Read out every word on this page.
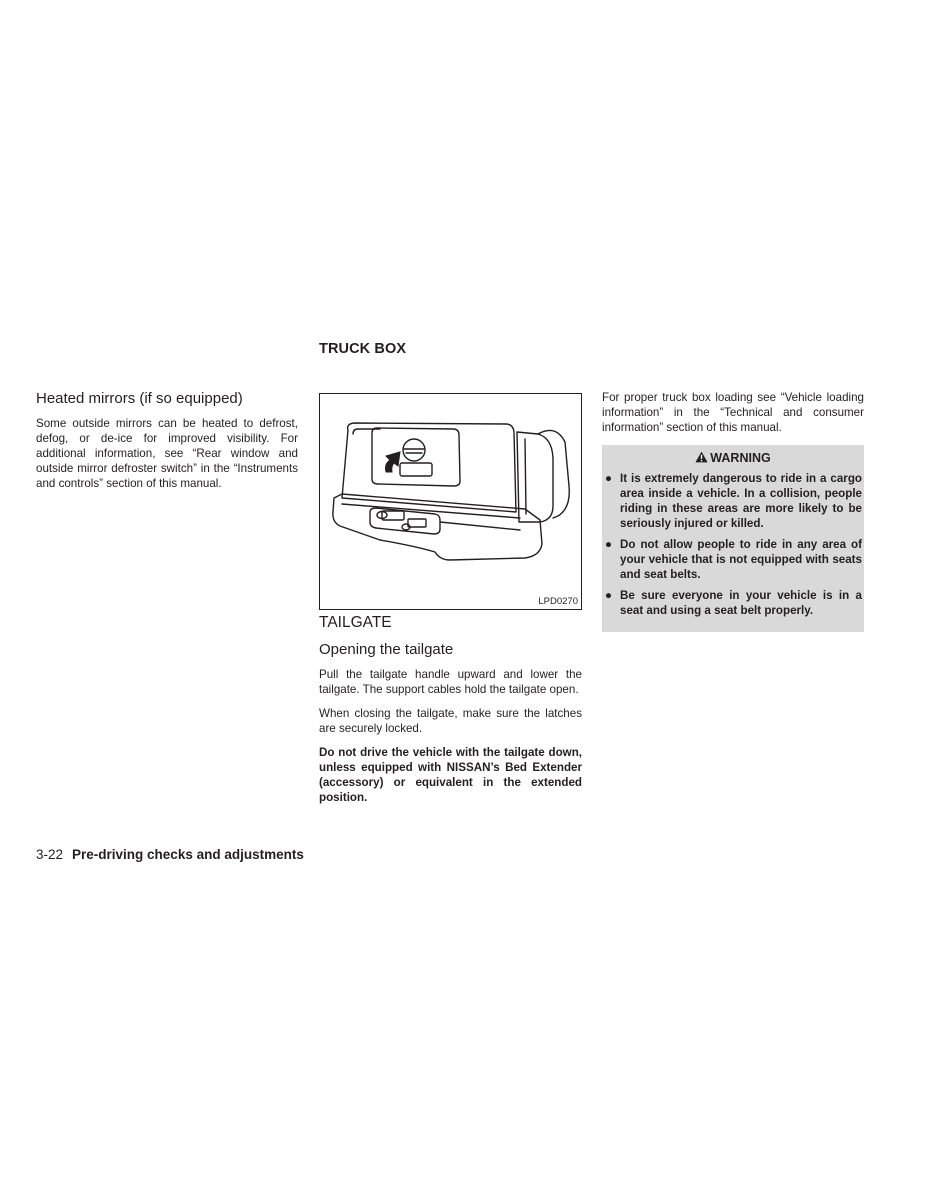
TRUCK BOX
Heated mirrors (if so equipped)

Some outside mirrors can be heated to defrost, defog, or de-ice for improved visibility. For additional information, see “Rear window and outside mirror defroster switch” in the “Instruments and controls” section of this manual.

LPD0270
TAILGATE
Opening the tailgate

Pull the tailgate handle upward and lower the tailgate. The support cables hold the tailgate open.

When closing the tailgate, make sure the latches are securely locked.

Do not drive the vehicle with the tailgate down, unless equipped with NISSAN’s Bed Extender (accessory) or equivalent in the extended position.

For proper truck box loading see “Vehicle loading information” in the “Technical and consumer information” section of this manual.

WARNING
● It is extremely dangerous to ride in a cargo area inside a vehicle. In a collision, people riding in these areas are more likely to be seriously injured or killed.
● Do not allow people to ride in any area of your vehicle that is not equipped with seats and seat belts.
● Be sure everyone in your vehicle is in a seat and using a seat belt properly.
3-22 Pre-driving checks and adjustments
